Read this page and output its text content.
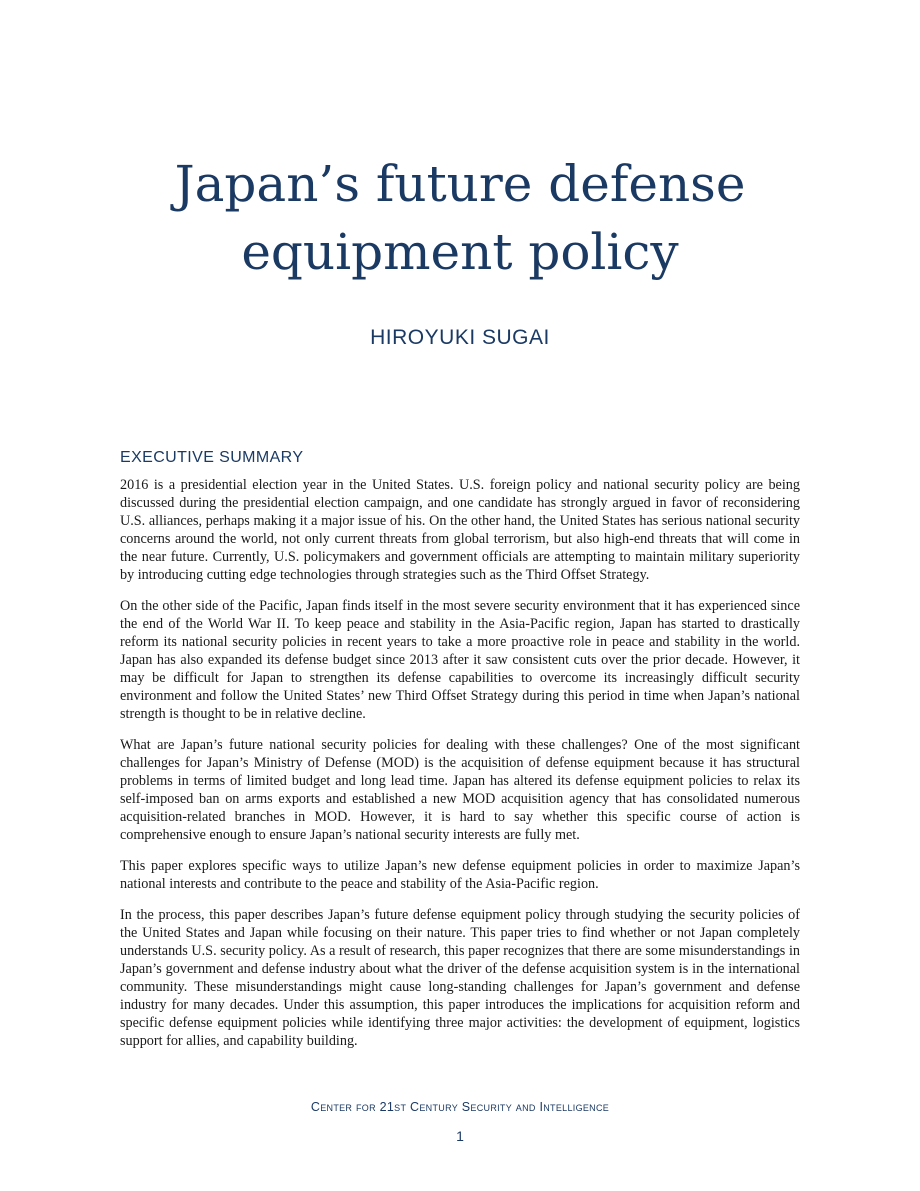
Japan’s future defense
equipment policy
HIROYUKI SUGAI
EXECUTIVE SUMMARY

2016 is a presidential election year in the United States. U.S. foreign policy and national security policy are being discussed during the presidential election campaign, and one candidate has strongly argued in favor of reconsidering U.S. alliances, perhaps making it a major issue of his. On the other hand, the United States has serious national security concerns around the world, not only current threats from global terrorism, but also high-end threats that will come in the near future. Currently, U.S. policymakers and government officials are attempting to maintain military superiority by introducing cutting edge technologies through strategies such as the Third Offset Strategy.

On the other side of the Pacific, Japan finds itself in the most severe security environment that it has experienced since the end of the World War II. To keep peace and stability in the Asia-Pacific region, Japan has started to drastically reform its national security policies in recent years to take a more proactive role in peace and stability in the world. Japan has also expanded its defense budget since 2013 after it saw consistent cuts over the prior decade. However, it may be difficult for Japan to strengthen its defense capabilities to overcome its increasingly difficult security environment and follow the United States’ new Third Offset Strategy during this period in time when Japan’s national strength is thought to be in relative decline.

What are Japan’s future national security policies for dealing with these challenges? One of the most significant challenges for Japan’s Ministry of Defense (MOD) is the acquisition of defense equipment because it has structural problems in terms of limited budget and long lead time. Japan has altered its defense equipment policies to relax its self-imposed ban on arms exports and established a new MOD acquisition agency that has consolidated numerous acquisition-related branches in MOD. However, it is hard to say whether this specific course of action is comprehensive enough to ensure Japan’s national security interests are fully met.

This paper explores specific ways to utilize Japan’s new defense equipment policies in order to maximize Japan’s national interests and contribute to the peace and stability of the Asia-Pacific region.

In the process, this paper describes Japan’s future defense equipment policy through studying the security policies of the United States and Japan while focusing on their nature. This paper tries to find whether or not Japan completely understands U.S. security policy. As a result of research, this paper recognizes that there are some misunderstandings in Japan’s government and defense industry about what the driver of the defense acquisition system is in the international community. These misunderstandings might cause long-standing challenges for Japan’s government and defense industry for many decades. Under this assumption, this paper introduces the implications for acquisition reform and specific defense equipment policies while identifying three major activities: the development of equipment, logistics support for allies, and capability building.

Center for 21st Century Security and Intelligence
1
